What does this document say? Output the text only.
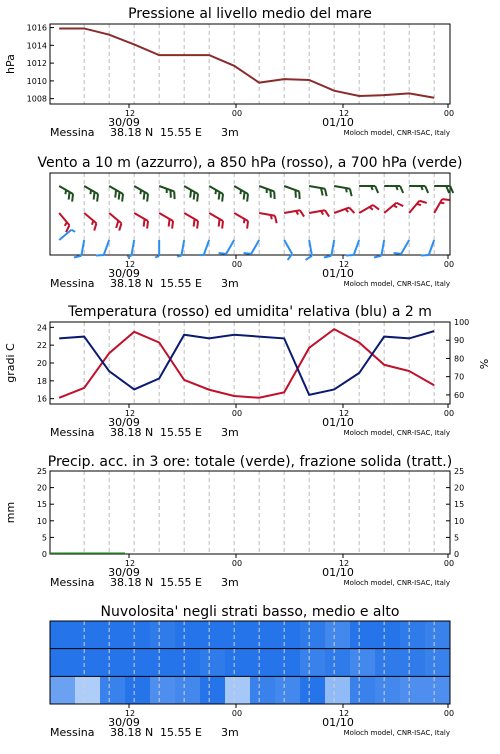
Pressione al livello medio del mare
12	00	12	00
30/09	01/10
Messina 38.18 N 15.55 E 3m	Moloch model, CNR-ISAC, Italy
1008
1010
1012
1014
1016
hPa
Vento a 10 m (azzurro), a 850 hPa (rosso), a 700 hPa (verde)
12	00	12	00
30/09	01/10
Messina 38.18 N 15.55 E 3m	Moloch model, CNR-ISAC, Italy
Temperatura (rosso) ed umidita' relativa (blu) a 2 m
12	00	12	00
30/09	01/10
Messina 38.18 N 15.55 E 3m	Moloch model, CNR-ISAC, Italy
16
18
20
22
24
60
70
80
90
100
gradi C	%
Precip. acc. in 3 ore: totale (verde), frazione solida (tratt.)
12	00	12	00
30/09	01/10
Messina 38.18 N 15.55 E 3m	Moloch model, CNR-ISAC, Italy
0
5
10
15
20
25
0
5
10
15
20
25
mm
Nuvolosita' negli strati basso, medio e alto
12	00	12	00
30/09	01/10
Messina 38.18 N 15.55 E 3m	Moloch model, CNR-ISAC, Italy
